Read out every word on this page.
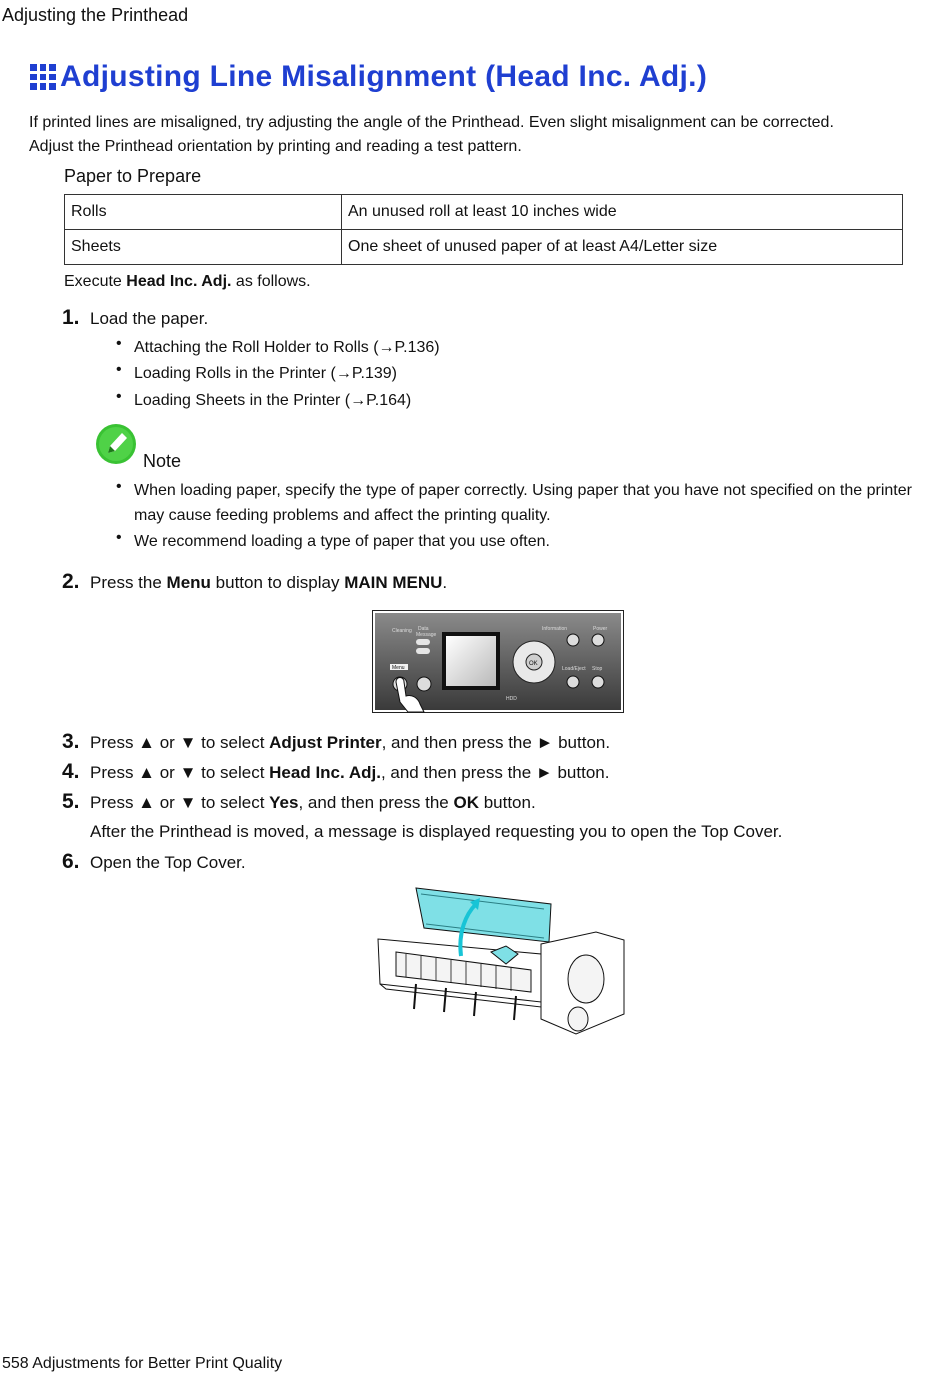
Adjusting the Printhead
Adjusting Line Misalignment (Head Inc. Adj.)
If printed lines are misaligned, try adjusting the angle of the Printhead. Even slight misalignment can be corrected.
Adjust the Printhead orientation by printing and reading a test pattern.
Paper to Prepare
Rolls	An unused roll at least 10 inches wide
Sheets	One sheet of unused paper of at least A4/Letter size
Execute Head Inc. Adj. as follows.
1. Load the paper.
• Attaching the Roll Holder to Rolls (→P.136)
• Loading Rolls in the Printer (→P.139)
• Loading Sheets in the Printer (→P.164)
Note
• When loading paper, specify the type of paper correctly. Using paper that you have not specified on the printer may cause feeding problems and affect the printing quality.
• We recommend loading a type of paper that you use often.
2. Press the Menu button to display MAIN MENU.
Cleaning Data
Message
Menu
OK
Information	Power
Load/Eject Stop
HDD
3. Press ▲ or ▼ to select Adjust Printer, and then press the ► button.
4. Press ▲ or ▼ to select Head Inc. Adj., and then press the ► button.
5. Press ▲ or ▼ to select Yes, and then press the OK button.
After the Printhead is moved, a message is displayed requesting you to open the Top Cover.
6. Open the Top Cover.
558 Adjustments for Better Print Quality
